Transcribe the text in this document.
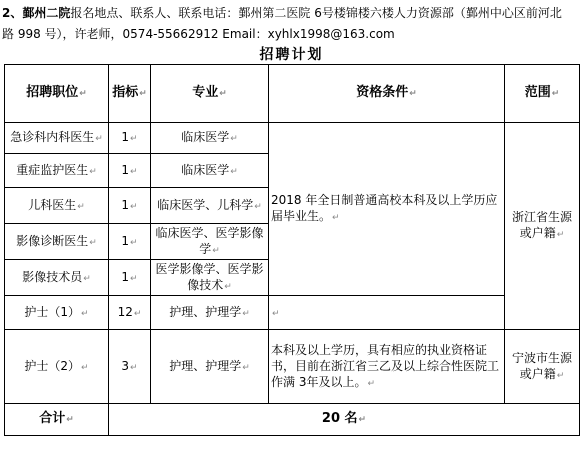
2、鄞州二院报名地点、联系人、联系电话：鄞州第二医院 6号楼锦楼六楼人力资源部（鄞州中心区前河北
路 998 号），许老师，0574-55662912 Email：xyhlx1998@163.com
招聘计划
招聘职位↵	指标↵	专业↵	资格条件↵	范围↵
急诊科内科医生↵	1↵	临床医学↵	2018 年全日制普通高校本科及以上学历应届毕业生。↵	浙江省生源或户籍↵
重症监护医生↵	1↵	临床医学↵		
儿科医生↵	1↵	临床医学、儿科学↵		
影像诊断医生↵	1↵	临床医学、医学影像学↵		
影像技术员↵	1↵	医学影像学、医学影像技术↵		
护士（1）↵	12↵	护理、护理学↵	↵	
护士（2）↵	3↵	护理、护理学↵	本科及以上学历，具有相应的执业资格证书，目前在浙江省三乙及以上综合性医院工作满 3年及以上。↵	宁波市生源或户籍↵
合计↵	20 名↵			
